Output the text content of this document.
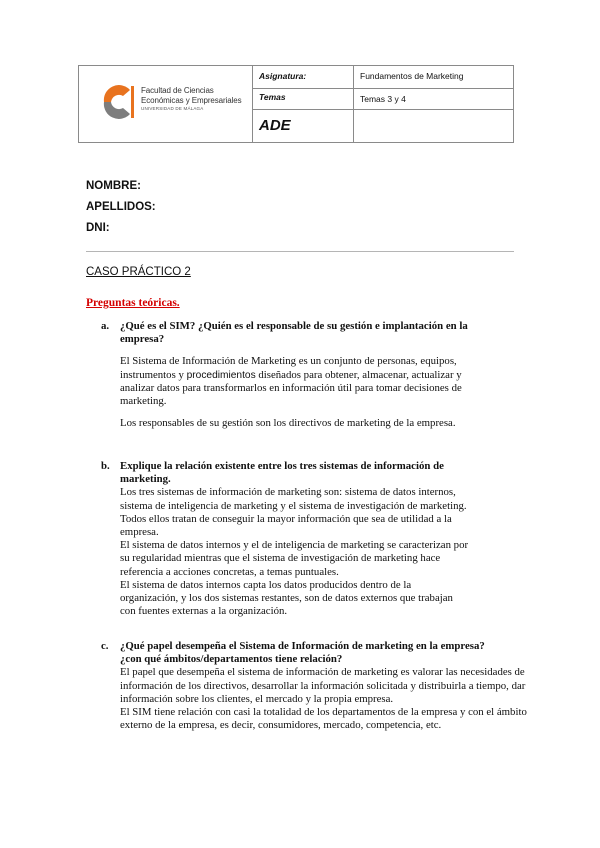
Asignatura:	Fundamentos de Marketing
Temas	Temas 3 y 4
ADE
Facultad de Ciencias
Económicas y Empresariales
UNIVERSIDAD DE MÁLAGA
NOMBRE:
APELLIDOS:
DNI:
CASO PRÁCTICO 2
Preguntas teóricas.
a. ¿Qué es el SIM? ¿Quién es el responsable de su gestión e implantación en la

empresa?

El Sistema de Información de Marketing es un conjunto de personas, equipos,

instrumentos y procedimientos diseñados para obtener, almacenar, actualizar y

analizar datos para transformarlos en información útil para tomar decisiones de

marketing.

Los responsables de su gestión son los directivos de marketing de la empresa.

b. Explique la relación existente entre los tres sistemas de información de

marketing.

Los tres sistemas de información de marketing son: sistema de datos internos,

sistema de inteligencia de marketing y el sistema de investigación de marketing.

Todos ellos tratan de conseguir la mayor información que sea de utilidad a la

empresa.

El sistema de datos internos y el de inteligencia de marketing se caracterizan por

su regularidad mientras que el sistema de investigación de marketing hace

referencia a acciones concretas, a temas puntuales.

El sistema de datos internos capta los datos producidos dentro de la

organización, y los dos sistemas restantes, son de datos externos que trabajan

con fuentes externas a la organización.

c. ¿Qué papel desempeña el Sistema de Información de marketing en la empresa?

¿con qué ámbitos/departamentos tiene relación?

El papel que desempeña el sistema de información de marketing es valorar las necesidades de

información de los directivos, desarrollar la información solicitada y distribuirla a tiempo, dar

información sobre los clientes, el mercado y la propia empresa.

El SIM tiene relación con casi la totalidad de los departamentos de la empresa y con el ámbito

externo de la empresa, es decir, consumidores, mercado, competencia, etc.
